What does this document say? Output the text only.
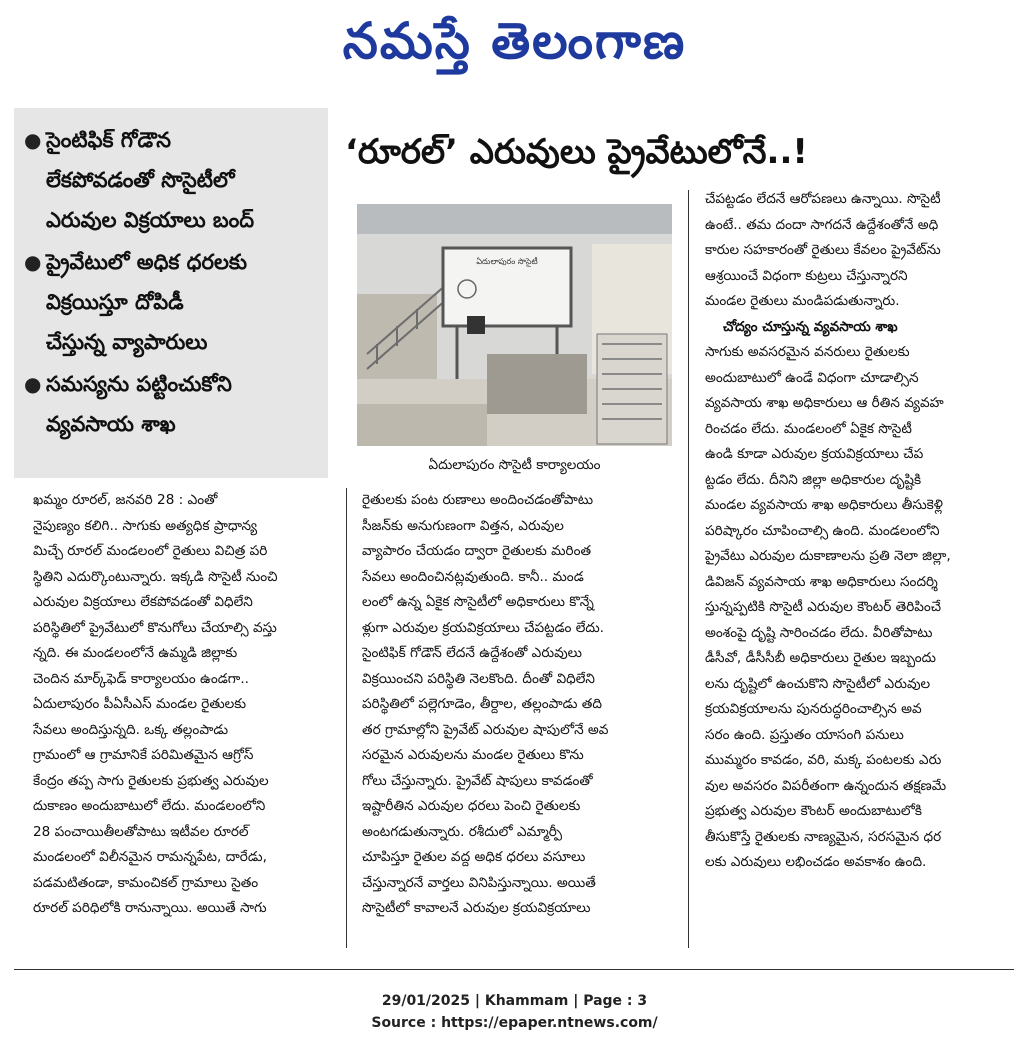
నమస్తే తెలంగాణ
● సైంటిఫిక్ గోడౌన
లేకపోవడంతో సొసైటీలో
ఎరువుల విక్రయాలు బంద్
● ప్రైవేటులో అధిక ధరలకు
విక్రయిస్తూ దోపిడీ
చేస్తున్న వ్యాపారులు
● సమస్యను పట్టించుకోని
వ్యవసాయ శాఖ
‘రూరల్’ ఎరువులు ప్రైవేటులోనే..!
ఏదులాపురం సొసైటీ
ఏదులాపురం సొసైటీ కార్యాలయం
ఖమ్మం రూరల్, జనవరి 28 : ఎంతో
నైపుణ్యం కలిగి.. సాగుకు అత్యధిక ప్రాధాన్య
మిచ్చే రూరల్ మండలంలో రైతులు విచిత్ర పరి
స్థితిని ఎదుర్కొంటున్నారు. ఇక్కడి సొసైటీ నుంచి
ఎరువుల విక్రయాలు లేకపోవడంతో విధిలేని
పరిస్థితిలో ప్రైవేటులో కొనుగోలు చేయాల్సి వస్తు
న్నది. ఈ మండలంలోనే ఉమ్మడి జిల్లాకు
చెందిన మార్క్‌ఫెడ్ కార్యాలయం ఉండగా..
ఏదులాపురం పీఏసీఎస్ మండల రైతులకు
సేవలు అందిస్తున్నది. ఒక్క తల్లంపాడు
గ్రామంలో ఆ గ్రామానికే పరిమితమైన ఆగ్రోస్
కేంద్రం తప్ప సాగు రైతులకు ప్రభుత్వ ఎరువుల
దుకాణం అందుబాటులో లేదు. మండలంలోని
28 పంచాయితీలతోపాటు ఇటీవల రూరల్
మండలంలో విలీనమైన రామన్నపేట, దారేడు,
పడమటితండా, కామంచికల్ గ్రామాలు సైతం
రూరల్ పరిధిలోకి రానున్నాయి. అయితే సాగు
రైతులకు పంట రుణాలు అందించడంతోపాటు
సీజన్‌కు అనుగుణంగా విత్తన, ఎరువుల
వ్యాపారం చేయడం ద్వారా రైతులకు మరింత
సేవలు అందించినట్లవుతుంది. కానీ.. మండ
లంలో ఉన్న ఏకైక సొసైటీలో అధికారులు కొన్నే
ళ్లుగా ఎరువుల క్రయవిక్రయాలు చేపట్టడం లేదు.
సైంటిఫిక్ గోడౌన్ లేదనే ఉద్దేశంతో ఎరువులు
విక్రయించని పరిస్థితి నెలకొంది. దీంతో విధిలేని
పరిస్థితిలో పల్లెగూడెం, తీర్దాల, తల్లంపాడు తది
తర గ్రామాల్లోని ప్రైవేట్ ఎరువుల షాపులోనే అవ
సరమైన ఎరువులను మండల రైతులు కొను
గోలు చేస్తున్నారు. ప్రైవేట్ షాపులు కావడంతో
ఇష్టారీతిన ఎరువుల ధరలు పెంచి రైతులకు
అంటగడుతున్నారు. రశీదులో ఎమ్మార్పీ
చూపిస్తూ రైతుల వద్ద అధిక ధరలు వసూలు
చేస్తున్నారనే వార్తలు వినిపిస్తున్నాయి. అయితే
సొసైటీలో కావాలనే ఎరువుల క్రయవిక్రయాలు
చేపట్టడం లేదనే ఆరోపణలు ఉన్నాయి. సొసైటీ
ఉంటే.. తమ దందా సాగదనే ఉద్దేశంతోనే అధి
కారుల సహకారంతో రైతులు కేవలం ప్రైవేట్‌ను
ఆశ్రయించే విధంగా కుట్రలు చేస్తున్నారని
మండల రైతులు మండిపడుతున్నారు.
చోద్యం చూస్తున్న వ్యవసాయ శాఖ
సాగుకు అవసరమైన వనరులు రైతులకు
అందుబాటులో ఉండే విధంగా చూడాల్సిన
వ్యవసాయ శాఖ అధికారులు ఆ రీతిన వ్యవహ
రించడం లేదు. మండలంలో ఏకైక సొసైటీ
ఉండి కూడా ఎరువుల క్రయవిక్రయాలు చేప
ట్టడం లేదు. దీనిని జిల్లా అధికారుల దృష్టికి
మండల వ్యవసాయ శాఖ అధికారులు తీసుకెళ్లి
పరిష్కారం చూపించాల్సి ఉంది. మండలంలోని
ప్రైవేటు ఎరువుల దుకాణాలను ప్రతి నెలా జిల్లా,
డివిజన్ వ్యవసాయ శాఖ అధికారులు సందర్శి
స్తున్నప్పటికి సొసైటీ ఎరువుల కౌంటర్ తెరిపించే
అంశంపై దృష్టి సారించడం లేదు. వీరితోపాటు
డీసీవో, డీసీసీబీ అధికారులు రైతుల ఇబ్బందు
లను దృష్టిలో ఉంచుకొని సొసైటీలో ఎరువుల
క్రయవిక్రయాలను పునరుద్ధరించాల్సిన అవ
సరం ఉంది. ప్రస్తుతం యాసంగి పనులు
ముమ్మరం కావడం, వరి, మక్క పంటలకు ఎరు
వుల అవసరం విపరీతంగా ఉన్నందున తక్షణమే
ప్రభుత్వ ఎరువుల కౌంటర్ అందుబాటులోకి
తీసుకొస్తే రైతులకు నాణ్యమైన, సరసమైన ధర
లకు ఎరువులు లభించడం అవకాశం ఉంది.
29/01/2025 | Khammam | Page : 3
Source : https://epaper.ntnews.com/
